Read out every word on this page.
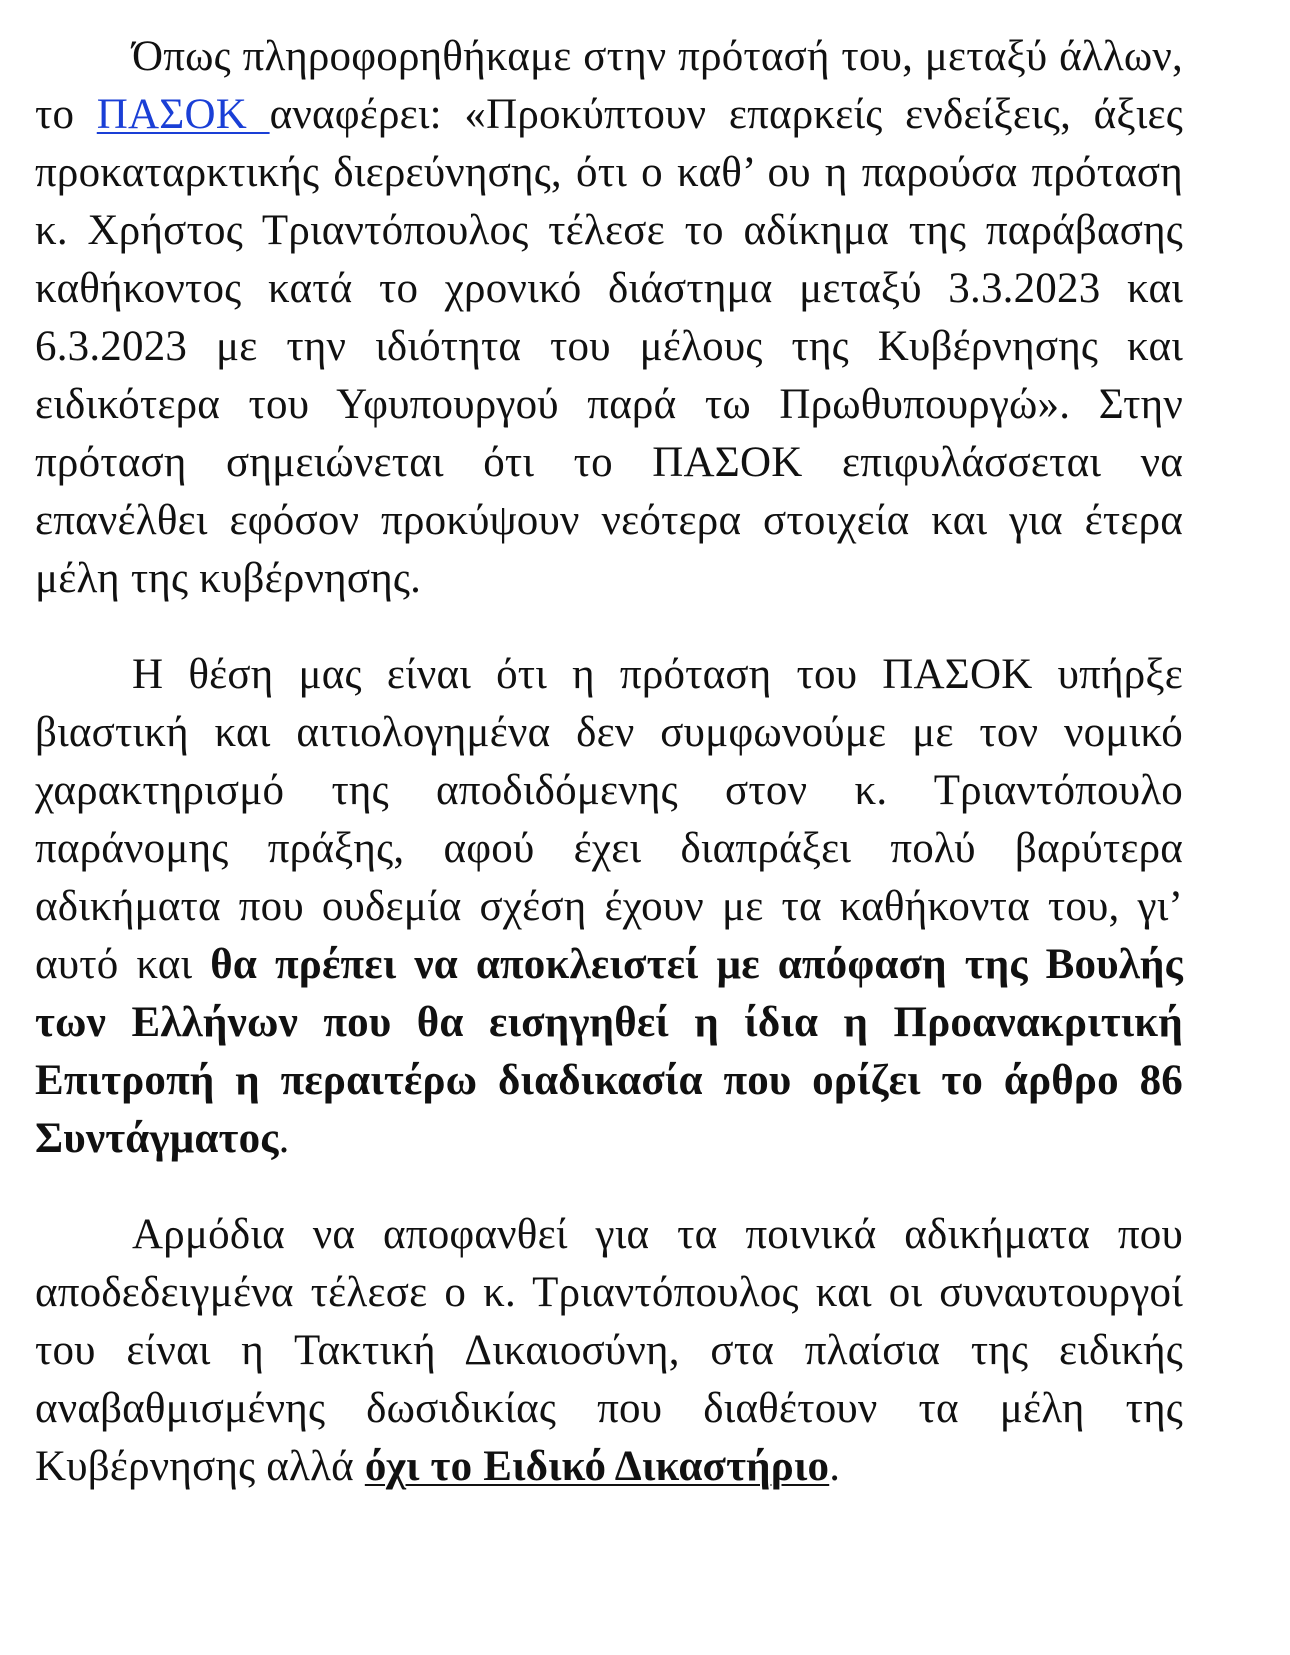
Όπως πληροφορηθήκαμε στην πρότασή του, μεταξύ άλλων, το ΠΑΣΟΚ αναφέρει: «Προκύπτουν επαρκείς ενδείξεις, άξιες προκαταρκτικής διερεύνησης, ότι ο καθ’ ου η παρούσα πρόταση κ. Χρήστος Τριαντόπουλος τέλεσε το αδίκημα της παράβασης καθήκοντος κατά το χρονικό διάστημα μεταξύ 3.3.2023 και 6.3.2023 με την ιδιότητα του μέλους της Κυβέρνησης και ειδικότερα του Υφυπουργού παρά τω Πρωθυπουργώ». Στην πρόταση σημειώνεται ότι το ΠΑΣΟΚ επιφυλάσσεται να επανέλθει εφόσον προκύψουν νεότερα στοιχεία και για έτερα μέλη της κυβέρνησης.

Η θέση μας είναι ότι η πρόταση του ΠΑΣΟΚ υπήρξε βιαστική και αιτιολογημένα δεν συμφωνούμε με τον νομικό χαρακτηρισμό της αποδιδόμενης στον κ. Τριαντόπουλο παράνομης πράξης, αφού έχει διαπράξει πολύ βαρύτερα αδικήματα που ουδεμία σχέση έχουν με τα καθήκοντα του, γι’ αυτό και θα πρέπει να αποκλειστεί με απόφαση της Βουλής των Ελλήνων που θα εισηγηθεί η ίδια η Προανακριτική Επιτροπή η περαιτέρω διαδικασία που ορίζει το άρθρο 86 Συντάγματος.

Αρμόδια να αποφανθεί για τα ποινικά αδικήματα που αποδεδειγμένα τέλεσε ο κ. Τριαντόπουλος και οι συναυτουργοί του είναι η Τακτική Δικαιοσύνη, στα πλαίσια της ειδικής αναβαθμισμένης δωσιδικίας που διαθέτουν τα μέλη της Κυβέρνησης αλλά όχι το Ειδικό Δικαστήριο.
